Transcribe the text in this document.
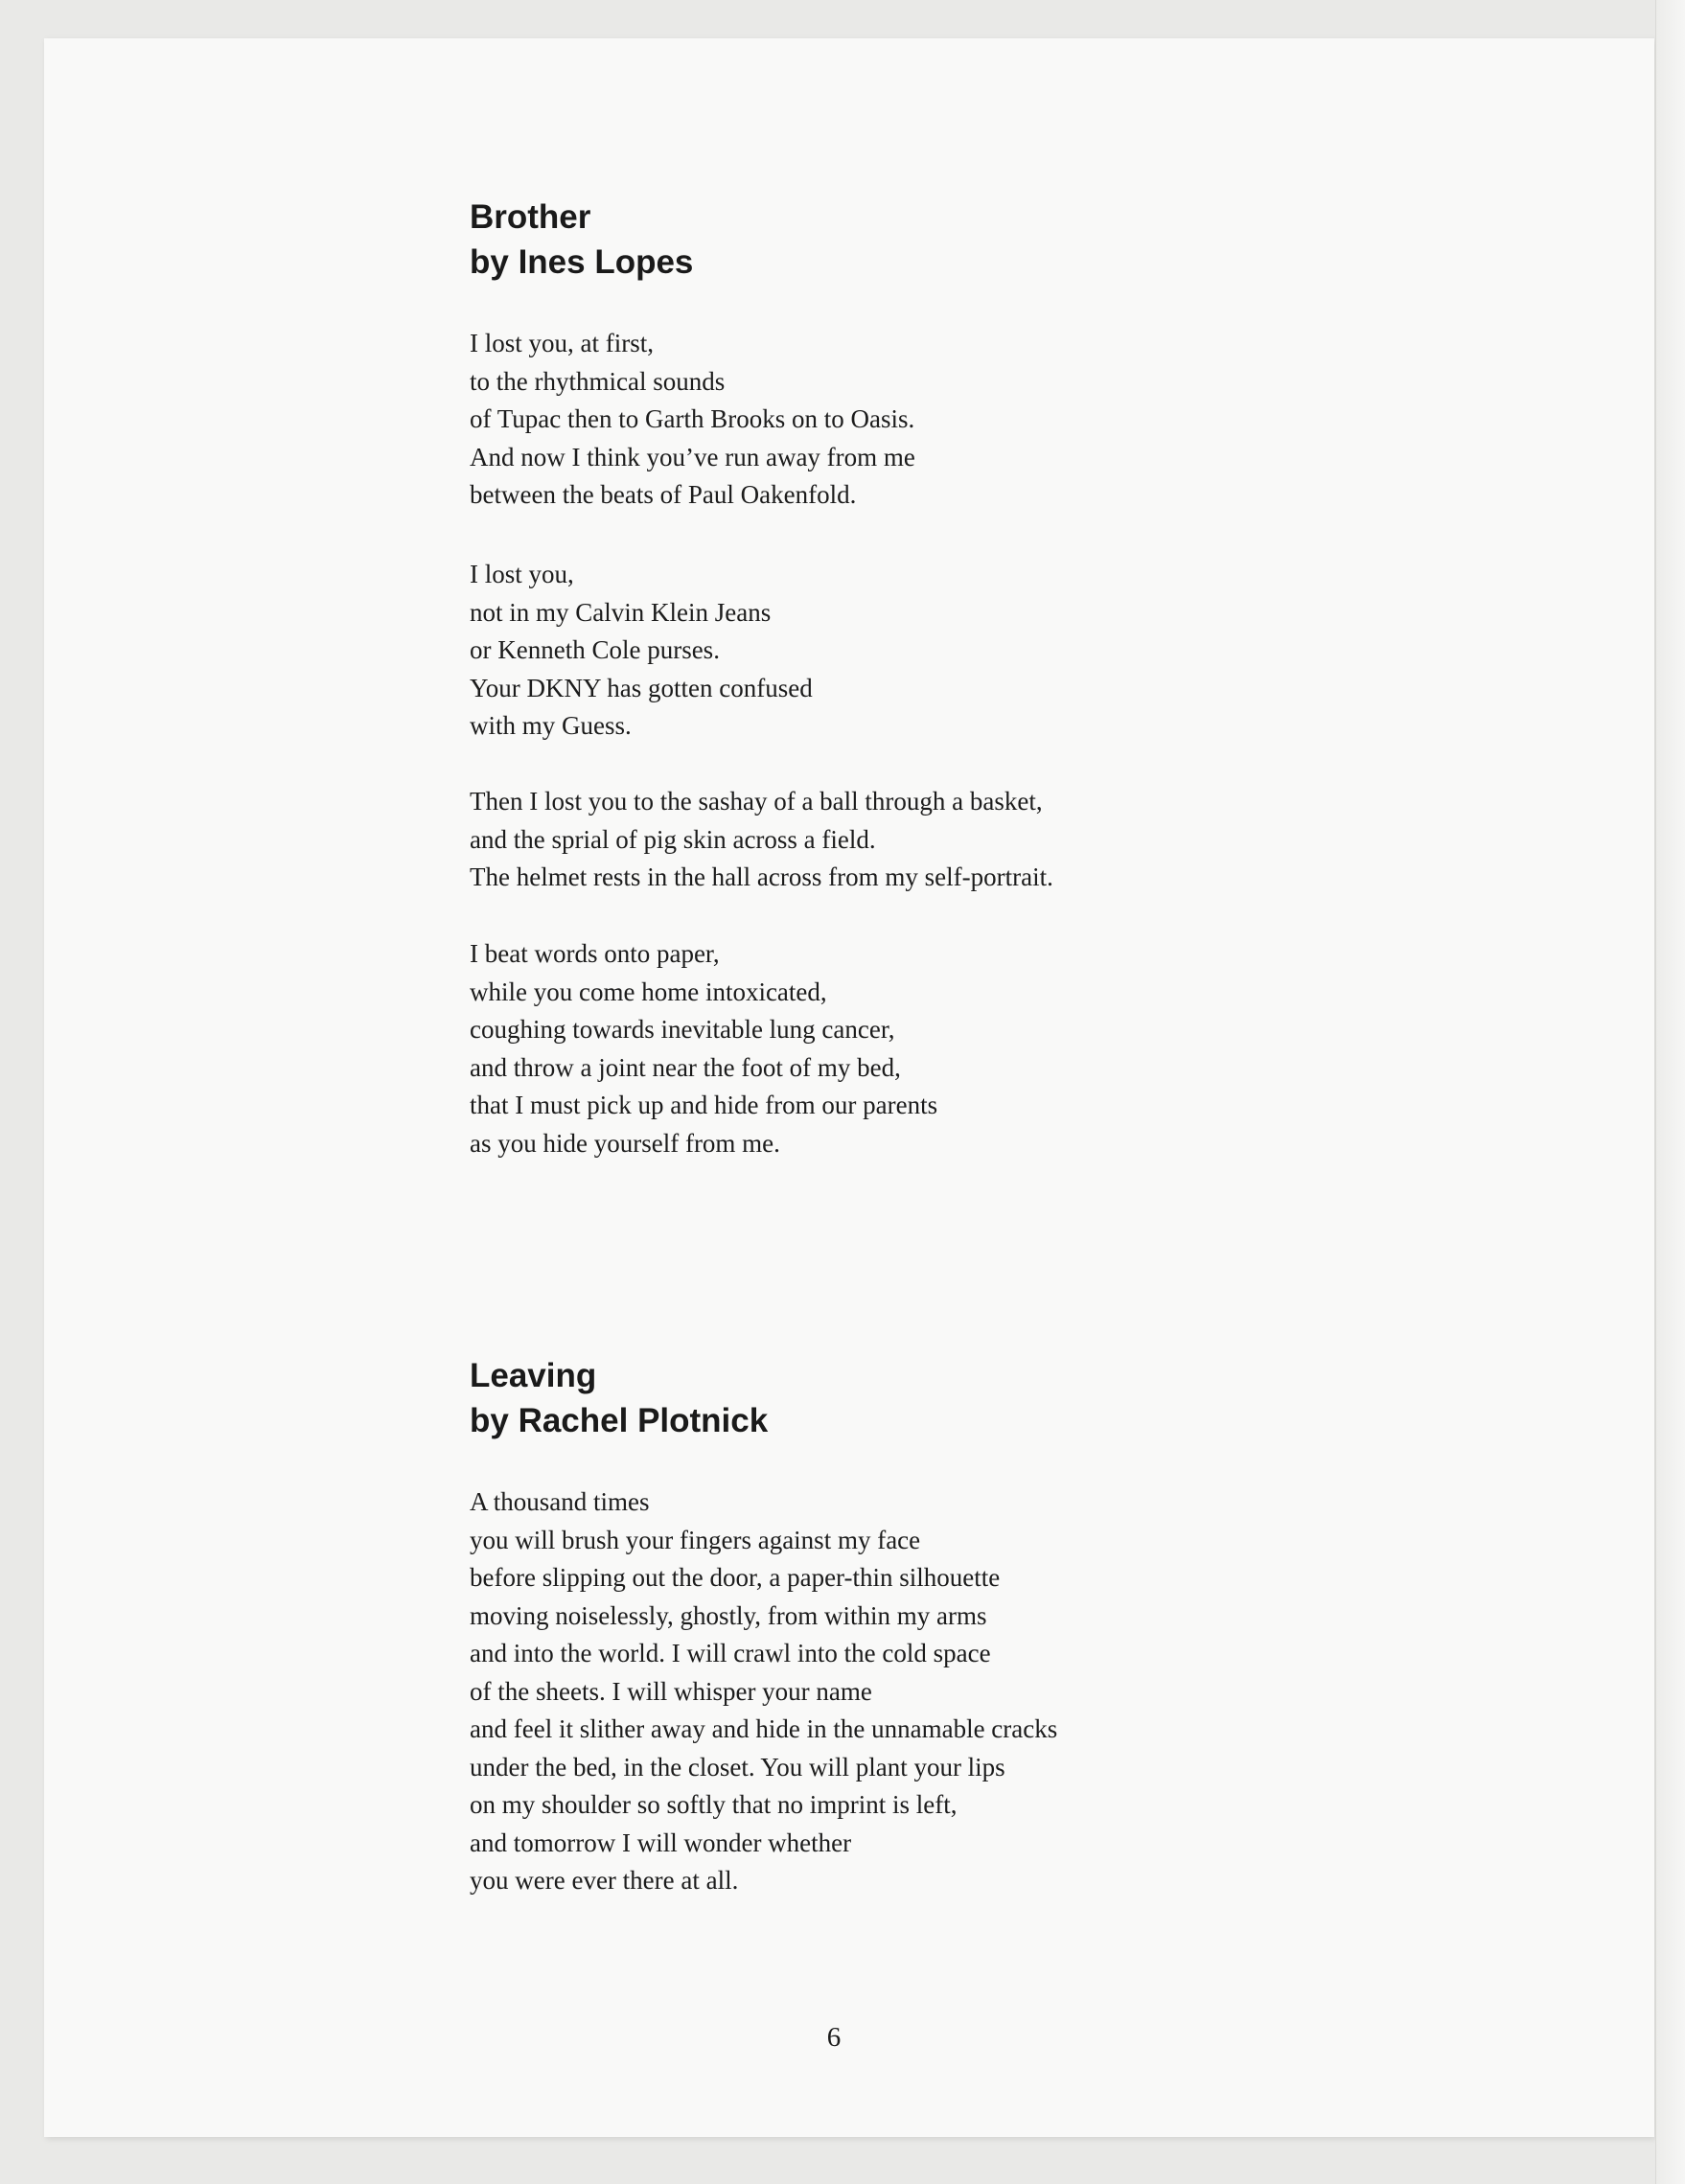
Brother
by Ines Lopes
I lost you, at first,
to the rhythmical sounds
of Tupac then to Garth Brooks on to Oasis.
And now I think you’ve run away from me
between the beats of Paul Oakenfold.
I lost you,
not in my Calvin Klein Jeans
or Kenneth Cole purses.
Your DKNY has gotten confused
with my Guess.
Then I lost you to the sashay of a ball through a basket,
and the sprial of pig skin across a field.
The helmet rests in the hall across from my self-portrait.
I beat words onto paper,
while you come home intoxicated,
coughing towards inevitable lung cancer,
and throw a joint near the foot of my bed,
that I must pick up and hide from our parents
as you hide yourself from me.
Leaving
by Rachel Plotnick
A thousand times
you will brush your fingers against my face
before slipping out the door, a paper-thin silhouette
moving noiselessly, ghostly, from within my arms
and into the world. I will crawl into the cold space
of the sheets. I will whisper your name
and feel it slither away and hide in the unnamable cracks
under the bed, in the closet. You will plant your lips
on my shoulder so softly that no imprint is left,
and tomorrow I will wonder whether
you were ever there at all.
6
